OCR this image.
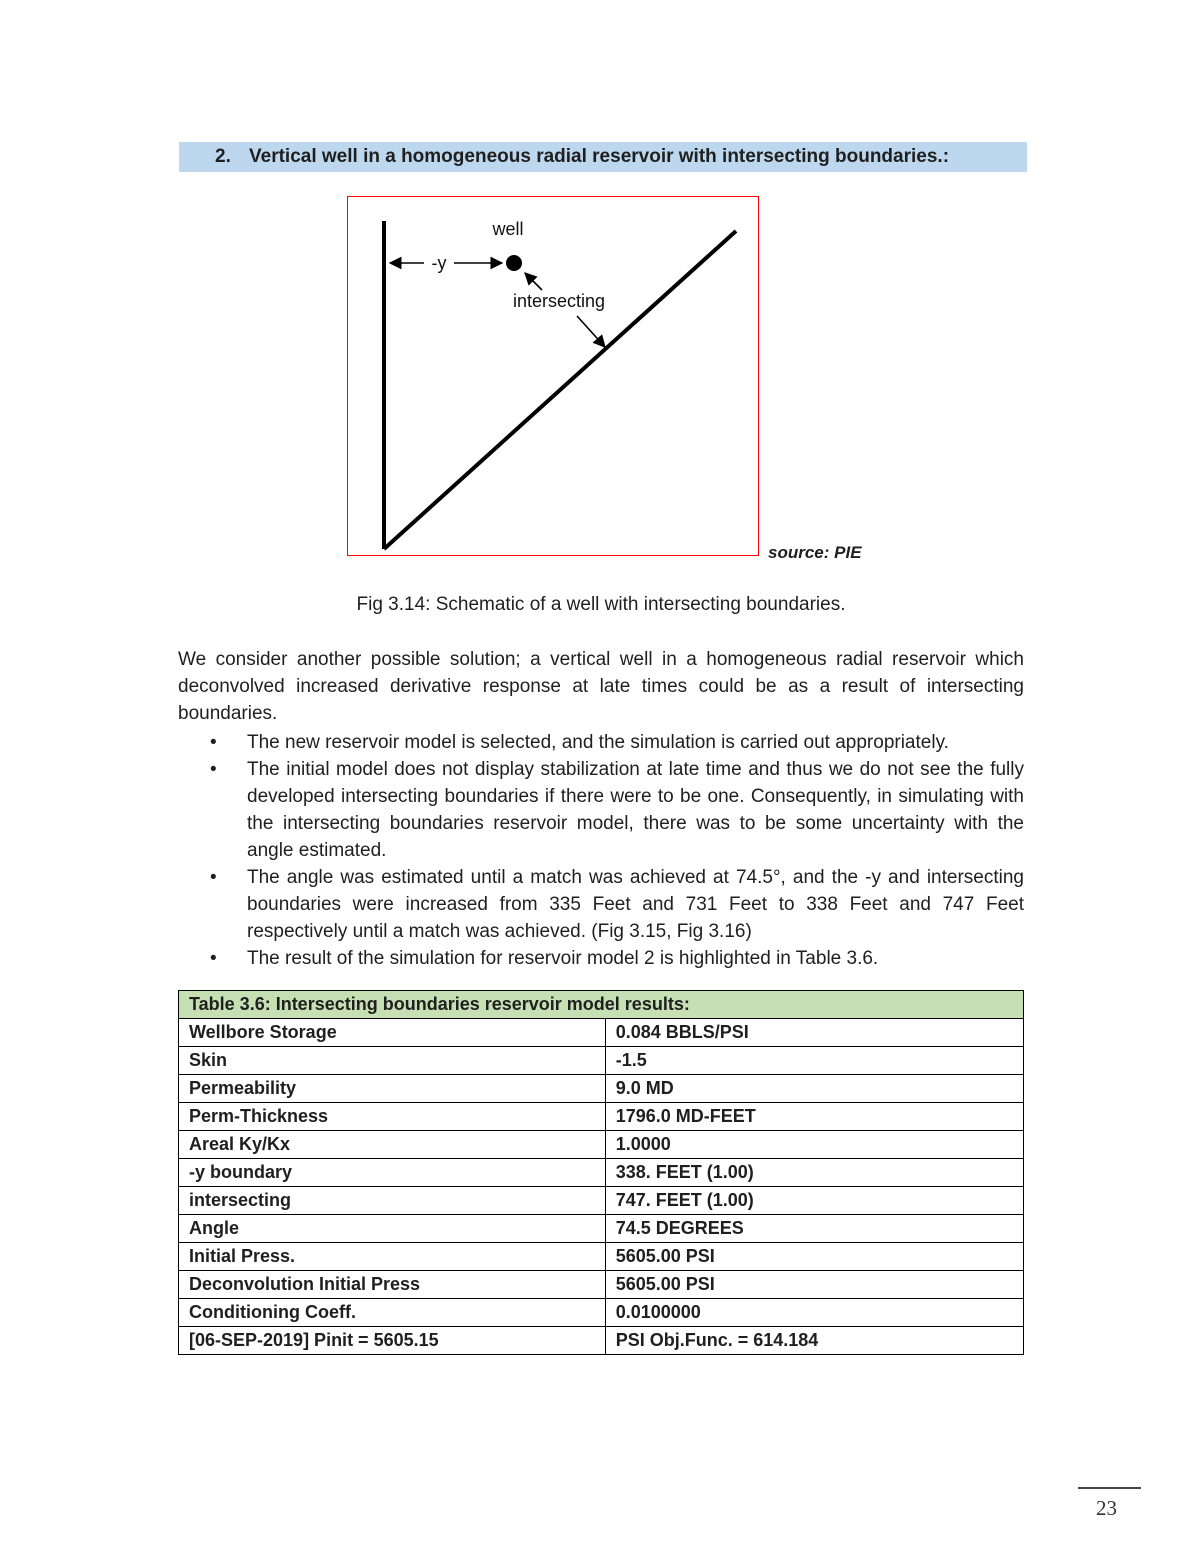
2. Vertical well in a homogeneous radial reservoir with intersecting boundaries.:
well
-y
intersecting
source: PIE
Fig 3.14: Schematic of a well with intersecting boundaries.

We consider another possible solution; a vertical well in a homogeneous radial reservoir which deconvolved increased derivative response at late times could be as a result of intersecting boundaries.

•	The new reservoir model is selected, and the simulation is carried out appropriately.
•	The initial model does not display stabilization at late time and thus we do not see the fully developed intersecting boundaries if there were to be one. Consequently, in simulating with the intersecting boundaries reservoir model, there was to be some uncertainty with the angle estimated.
•	The angle was estimated until a match was achieved at 74.5°, and the -y and intersecting boundaries were increased from 335 Feet and 731 Feet to 338 Feet and 747 Feet respectively until a match was achieved. (Fig 3.15, Fig 3.16)
•	The result of the simulation for reservoir model 2 is highlighted in Table 3.6.
Table 3.6: Intersecting boundaries reservoir model results:	
Wellbore Storage	0.084 BBLS/PSI
Skin	-1.5
Permeability	9.0 MD
Perm-Thickness	1796.0 MD-FEET
Areal Ky/Kx	1.0000
-y boundary	338. FEET (1.00)
intersecting	747. FEET (1.00)
Angle	74.5 DEGREES
Initial Press.	5605.00 PSI
Deconvolution Initial Press	5605.00 PSI
Conditioning Coeff.	0.0100000
[06-SEP-2019] Pinit = 5605.15	PSI Obj.Func. = 614.184
23
